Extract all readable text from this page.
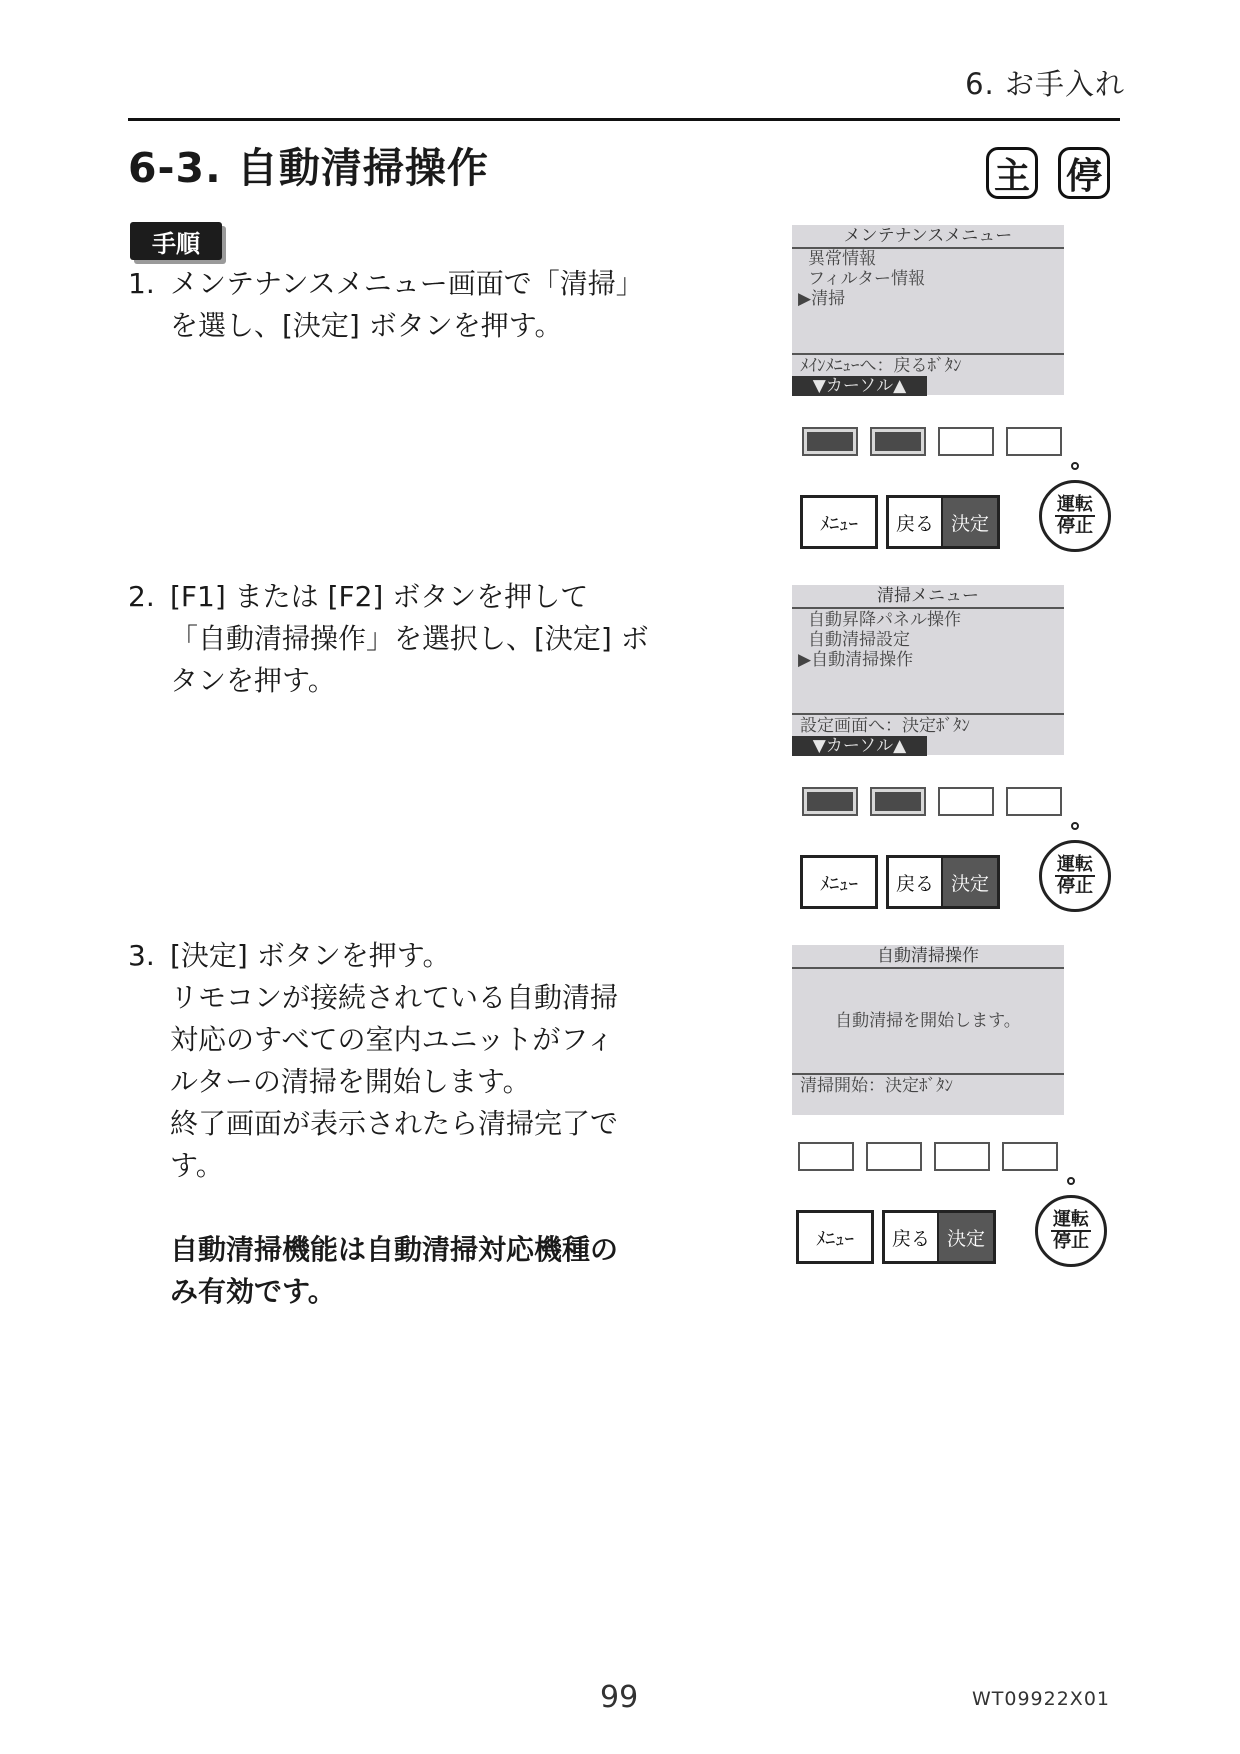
6. お手入れ
6-3. 自動清掃操作	主 停
手順
1. メンテナンスメニュー画面で「清掃」
を選し、[決定] ボタンを押す。
2. [F1] または [F2] ボタンを押して
「自動清掃操作」を選択し、[決定] ボ
タンを押す。
3. [決定] ボタンを押す。
リモコンが接続されている自動清掃
対応のすべての室内ユニットがフィ
ルターの清掃を開始します。
終了画面が表示されたら清掃完了で
す。
自動清掃機能は自動清掃対応機種の
み有効です。
メンテナンスメニュー
異常情報
フィルター情報
▶清掃
ﾒｲﾝﾒﾆｭｰへ：戻るﾎﾞﾀﾝ
▼カーソル▲
ﾒﾆｭｰ	戻る 決定
運転
停止
清掃メニュー
自動昇降パネル操作
自動清掃設定
▶自動清掃操作
設定画面へ：決定ﾎﾞﾀﾝ
▼カーソル▲
ﾒﾆｭｰ	戻る 決定
運転
停止
自動清掃操作
自動清掃を開始します。
清掃開始：決定ﾎﾞﾀﾝ
ﾒﾆｭｰ	戻る 決定
運転
停止
99	WT09922X01
